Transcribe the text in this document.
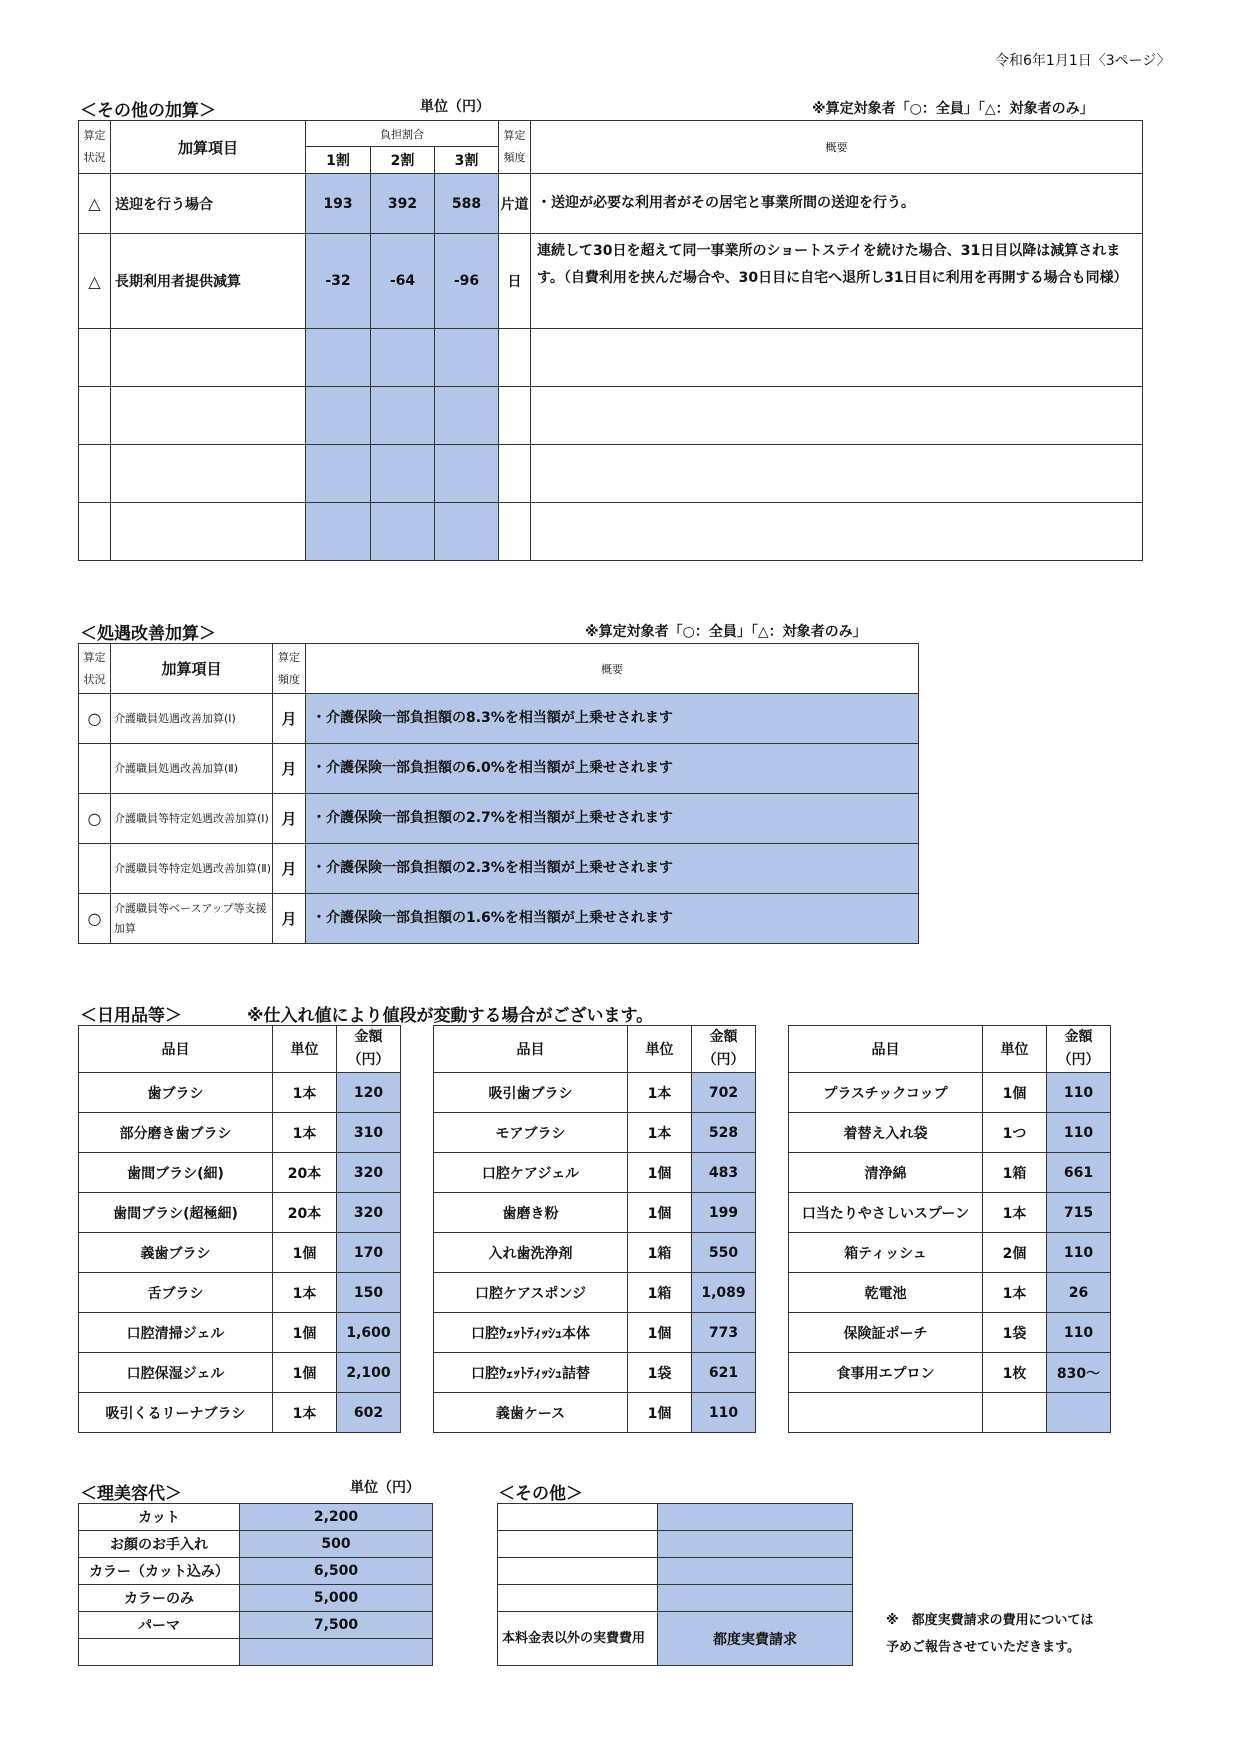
令和6年1月1日〈3ページ〉
＜その他の加算＞	単位（円）	※算定対象者「○：全員」「△：対象者のみ」
算定状況	加算項目	負担割合			算定頻度	概要
		1割	2割	3割		
△	送迎を行う場合	193	392	588	片道	・送迎が必要な利用者がその居宅と事業所間の送迎を行う。
△	長期利用者提供減算	-32	-64	-96	日	連続して30日を超えて同一事業所のショートステイを続けた場合、31日目以降は減算されます。（自費利用を挟んだ場合や、30日目に自宅へ退所し31日目に利用を再開する場合も同様）

＜処遇改善加算＞	※算定対象者「○：全員」「△：対象者のみ」
算定状況	加算項目	算定頻度	概要
○	介護職員処遇改善加算(Ⅰ)	月	・介護保険一部負担額の8.3%を相当額が上乗せされます
	介護職員処遇改善加算(Ⅱ)	月	・介護保険一部負担額の6.0%を相当額が上乗せされます
○	介護職員等特定処遇改善加算(Ⅰ)	月	・介護保険一部負担額の2.7%を相当額が上乗せされます
	介護職員等特定処遇改善加算(Ⅱ)	月	・介護保険一部負担額の2.3%を相当額が上乗せされます
○	介護職員等ベースアップ等支援加算	月	・介護保険一部負担額の1.6%を相当額が上乗せされます
＜日用品等＞	※仕入れ値により値段が変動する場合がございます。
品目	単位	金額
（円）

歯ブラシ	1本	120
部分磨き歯ブラシ	1本	310
歯間ブラシ(細)	20本	320
歯間ブラシ(超極細)	20本	320
義歯ブラシ	1個	170
舌ブラシ	1本	150
口腔清掃ジェル	1個	1,600
口腔保湿ジェル	1個	2,100
吸引くるリーナブラシ	1本	602
品目	単位	金額
（円）

吸引歯ブラシ	1本	702
モアブラシ	1本	528
口腔ケアジェル	1個	483
歯磨き粉	1個	199
入れ歯洗浄剤	1箱	550
口腔ケアスポンジ	1箱	1,089
口腔ｳｪｯﾄﾃｨｯｼｭ本体	1個	773
口腔ｳｪｯﾄﾃｨｯｼｭ詰替	1袋	621
義歯ケース	1個	110
品目	単位	金額
（円）

プラスチックコップ	1個	110
着替え入れ袋	1つ	110
清浄綿	1箱	661
口当たりやさしいスプーン	1本	715
箱ティッシュ	2個	110
乾電池	1本	26
保険証ポーチ	1袋	110
食事用エプロン	1枚	830～

＜理美容代＞	単位（円）
カット	2,200
お顔のお手入れ	500
カラー（カット込み）	6,500
カラーのみ	5,000
パーマ	7,500

＜その他＞

本料金表以外の実費費用	都度実費請求
※　都度実費請求の費用については
予めご報告させていただきます。
